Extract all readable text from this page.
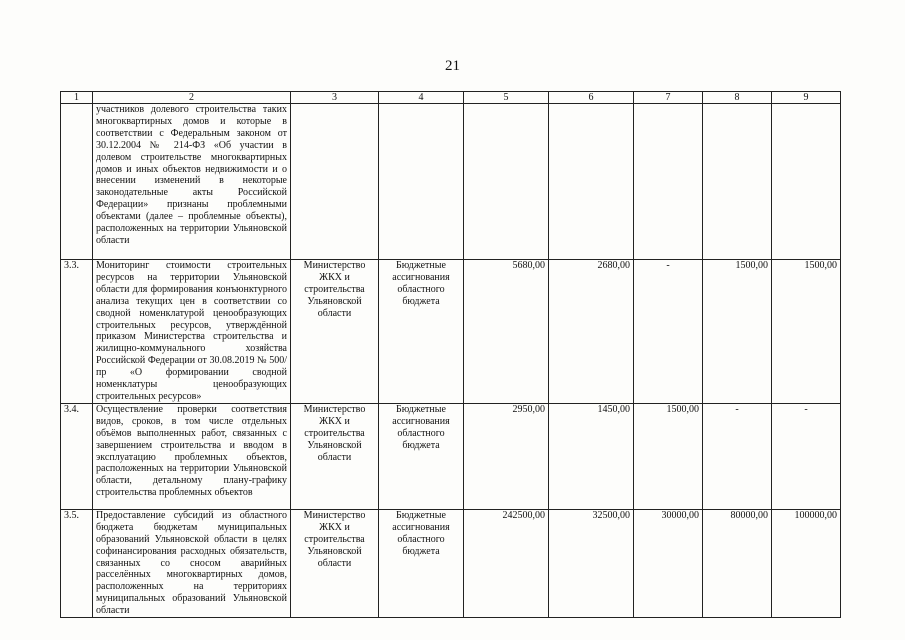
21
1	2	3	4	5	6	7	8	9
	участников долевого строительства таких многоквартирных домов и которые в соответствии с Федеральным законом от 30.12.2004 № 214-ФЗ «Об участии в долевом строительстве многоквартирных домов и иных объектов недвижимости и о внесении изменений в некоторые законодательные акты Российской Федерации» признаны проблемными объектами (далее – проблемные объекты), расположенных на территории Ульяновской области							
3.3.	Мониторинг стоимости строительных ресурсов на территории Ульяновской области для формирования конъюнктурного анализа текущих цен в соответствии со сводной номенклатурой ценообразующих строительных ресурсов, утверждённой приказом Министерства строительства и жилищно-коммунального хозяйства Российской Федерации от 30.08.2019 № 500/пр «О формировании сводной номенклатуры ценообразующих строительных ресурсов»	Министерство ЖКХ и строительства Ульяновской области	Бюджетные ассигнования областного бюджета	5680,00	2680,00	-	1500,00	1500,00
3.4.	Осуществление проверки соответствия видов, сроков, в том числе отдельных объёмов выполненных работ, связанных с завершением строительства и вводом в эксплуатацию проблемных объектов, расположенных на территории Ульяновской области, детальному плану-графику строительства проблемных объектов	Министерство ЖКХ и строительства Ульяновской области	Бюджетные ассигнования областного бюджета	2950,00	1450,00	1500,00	-	-
3.5.	Предоставление субсидий из областного бюджета бюджетам муниципальных образований Ульяновской области в целях софинансирования расходных обязательств, связанных со сносом аварийных расселённых многоквартирных домов, расположенных на территориях муниципальных образований Ульяновской области	Министерство ЖКХ и строительства Ульяновской области	Бюджетные ассигнования областного бюджета	242500,00	32500,00	30000,00	80000,00	100000,00
